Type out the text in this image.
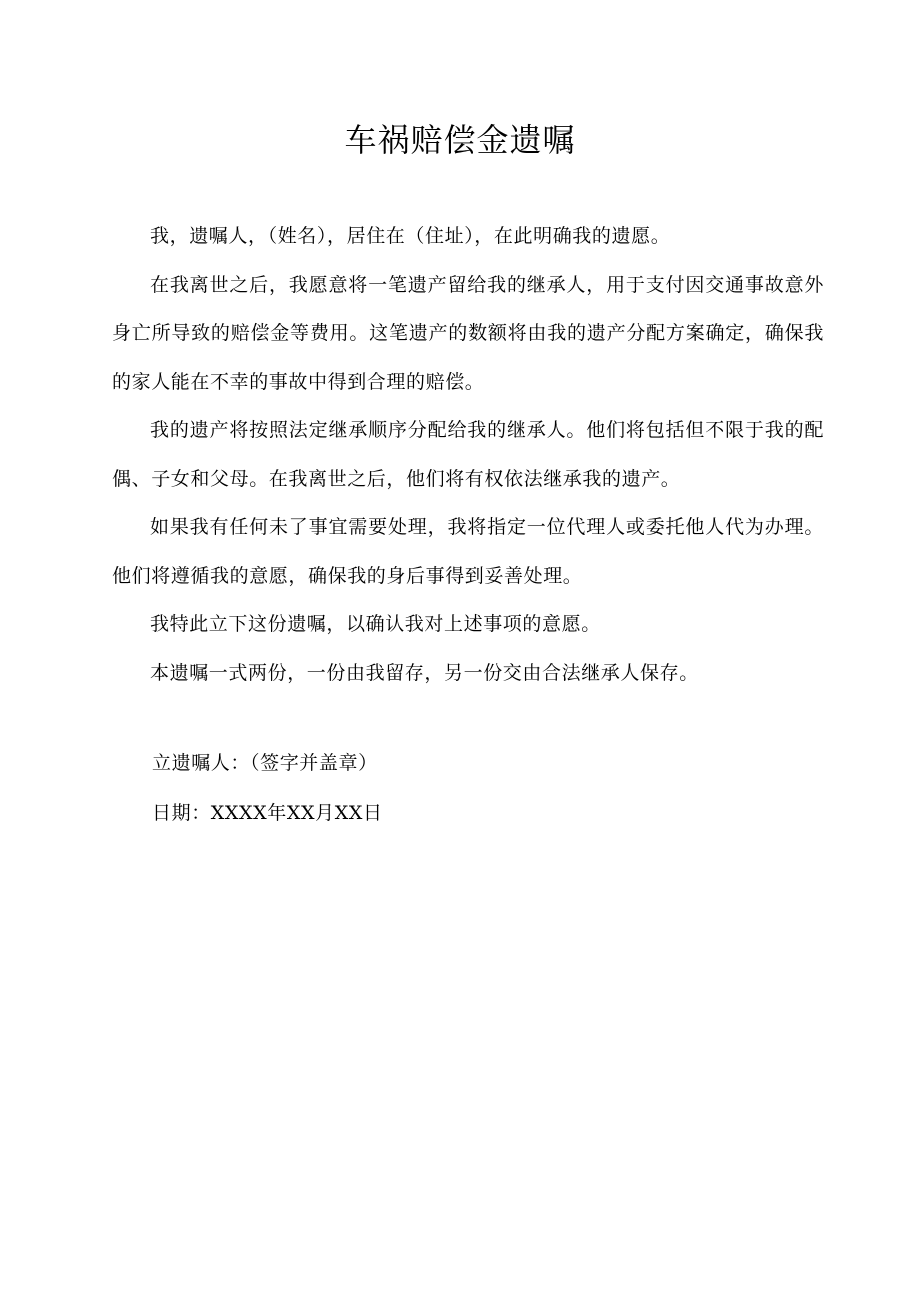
车祸赔偿金遗嘱

我，遗嘱人，（姓名），居住在（住址），在此明确我的遗愿。

在我离世之后，我愿意将一笔遗产留给我的继承人，用于支付因交通事故意外身亡所导致的赔偿金等费用。这笔遗产的数额将由我的遗产分配方案确定，确保我的家人能在不幸的事故中得到合理的赔偿。

我的遗产将按照法定继承顺序分配给我的继承人。他们将包括但不限于我的配偶、子女和父母。在我离世之后，他们将有权依法继承我的遗产。

如果我有任何未了事宜需要处理，我将指定一位代理人或委托他人代为办理。他们将遵循我的意愿，确保我的身后事得到妥善处理。

我特此立下这份遗嘱，以确认我对上述事项的意愿。

本遗嘱一式两份，一份由我留存，另一份交由合法继承人保存。

立遗嘱人：（签字并盖章）

日期：XXXX年XX月XX日
